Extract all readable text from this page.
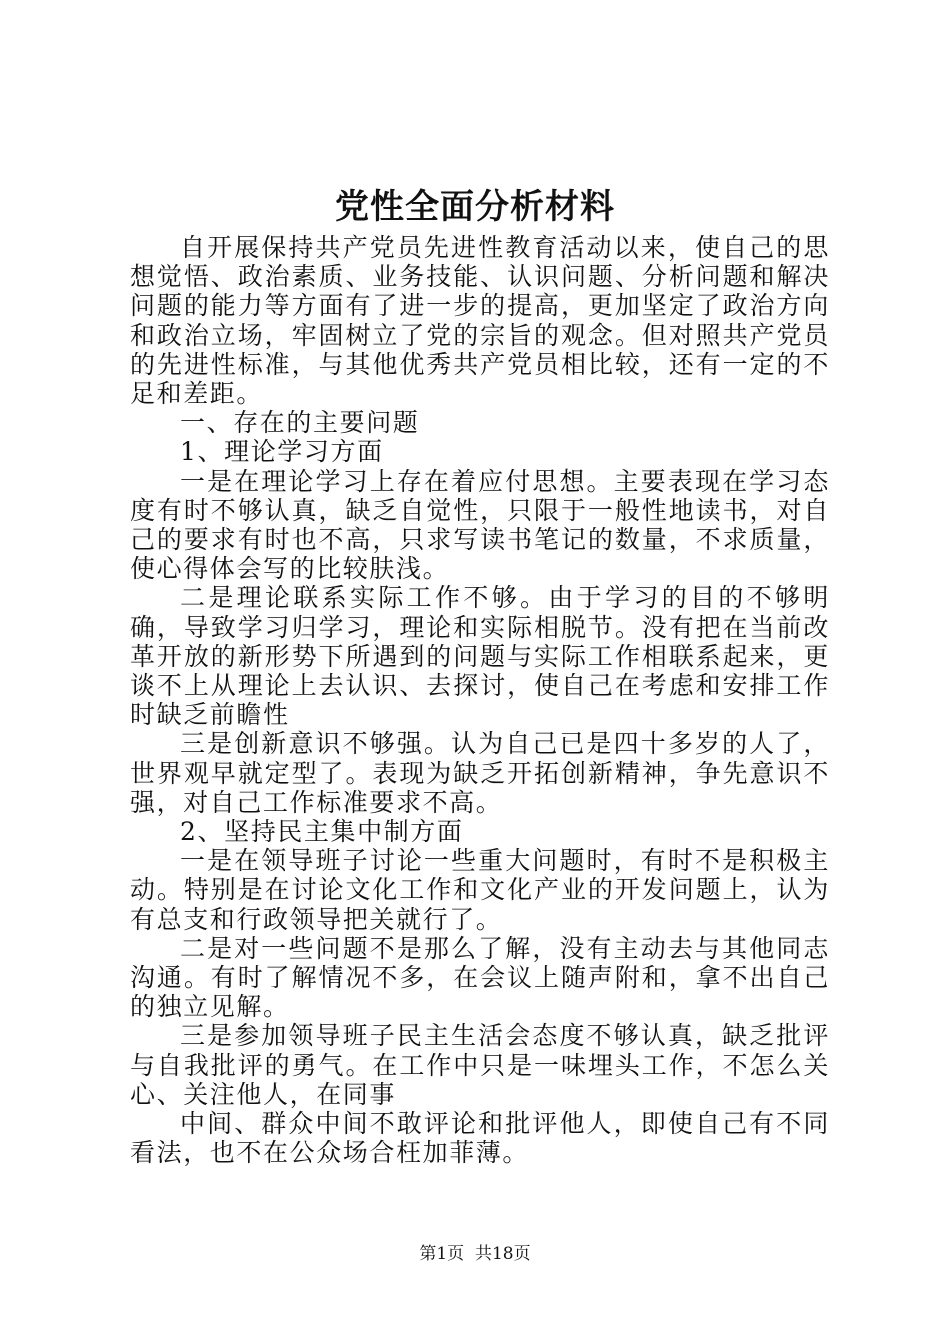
党性全面分析材料

自开展保持共产党员先进性教育活动以来，使自己的思想觉悟、政治素质、业务技能、认识问题、分析问题和解决问题的能力等方面有了进一步的提高，更加坚定了政治方向和政治立场，牢固树立了党的宗旨的观念。但对照共产党员的先进性标准，与其他优秀共产党员相比较，还有一定的不足和差距。

一、存在的主要问题

1、理论学习方面

一是在理论学习上存在着应付思想。主要表现在学习态度有时不够认真，缺乏自觉性，只限于一般性地读书，对自己的要求有时也不高，只求写读书笔记的数量，不求质量，使心得体会写的比较肤浅。

二是理论联系实际工作不够。由于学习的目的不够明确，导致学习归学习，理论和实际相脱节。没有把在当前改革开放的新形势下所遇到的问题与实际工作相联系起来，更谈不上从理论上去认识、去探讨，使自己在考虑和安排工作时缺乏前瞻性

三是创新意识不够强。认为自己已是四十多岁的人了，世界观早就定型了。表现为缺乏开拓创新精神，争先意识不强，对自己工作标准要求不高。

2、坚持民主集中制方面

一是在领导班子讨论一些重大问题时，有时不是积极主动。特别是在讨论文化工作和文化产业的开发问题上，认为有总支和行政领导把关就行了。

二是对一些问题不是那么了解，没有主动去与其他同志沟通。有时了解情况不多，在会议上随声附和，拿不出自己的独立见解。

三是参加领导班子民主生活会态度不够认真，缺乏批评与自我批评的勇气。在工作中只是一味埋头工作，不怎么关心、关注他人，在同事

中间、群众中间不敢评论和批评他人，即使自己有不同看法，也不在公众场合枉加菲薄。

第1页  共18页
